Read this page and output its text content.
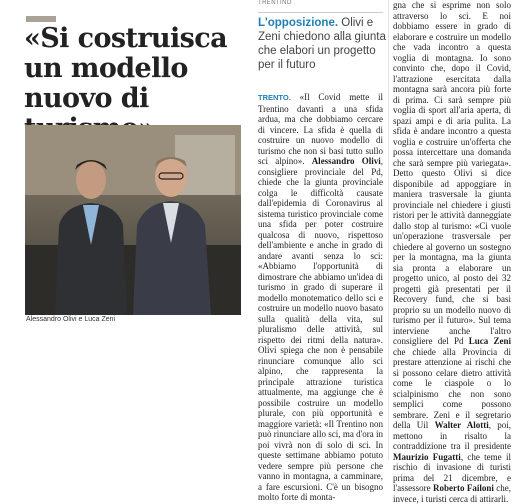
«Si costruisca un modello nuovo di
TRENTINO

L'opposizione. Olivi e Zeni chiedono alla giunta che elabori un progetto per il futuro

Alessandro Olivi e Luca Zeni

TRENTO. «Il Covid mette il Trentino davanti a una sfida ardua, ma che dobbiamo cercare di vincere. La sfida è quella di costruire un nuovo modello di turismo che non si basi tutto sullo sci alpino». Alessandro Olivi, consigliere provinciale del Pd, chiede che la giunta provinciale colga le difficoltà causate dall'epidemia di Coronavirus al sistema turistico provinciale come una sfida per poter costruire qualcosa di nuovo, rispettoso dell'ambiente e anche in grado di andare avanti senza lo sci: «Abbiamo l'opportunità di dimostrare che abbiamo un'idea di turismo in grado di superare il modello monotematico dello sci e costruire un modello nuovo basato sulla qualità della vita, sul pluralismo delle attività, sul rispetto dei ritmi della natura». Olivi spiega che non è pensabile rinunciare comunque allo sci alpino, che rappresenta la principale attrazione turistica attualmente, ma aggiunge che è possibile costruire un modello plurale, con più opportunità e maggiore varietà: «Il Trentino non può rinunciare allo sci, ma d'ora in poi vivrà non di solo di sci. In queste settimane abbiamo potuto vedere sempre più persone che vanno in montagna, a camminare, a fare escursioni. C'è un bisogno molto forte di monta-

gna che si esprime non solo attraverso lo sci. E noi dobbiamo essere in grado di elaborare e costruire un modello che vada incontro a questa voglia di montagna. Io sono convinto che, dopo il Covid, l'attrazione esercitata dalla montagna sarà ancora più forte di prima. Ci sarà sempre più voglia di sport all'aria aperta, di spazi ampi e di aria pulita. La sfida è andare incontro a questa voglia e costruire un'offerta che possa intercettare una domanda che sarà sempre più variegata». Detto questo Olivi si dice disponibile ad appoggiare in maniera trasversale la giunta provinciale nel chiedere i giusti ristori per le attività danneggiate dallo stop al turismo: «Ci vuole un'operazione trasversale per chiedere al governo un sostegno per la montagna, ma la giunta sia pronta a elaborare un progetto unico, al posto dei 32 progetti già presentati per il Recovery fund, che si basi proprio su un modello nuovo di turismo per il futuro». Sul tema interviene anche l'altro consigliere del Pd Luca Zeni che chiede alla Provincia di prestare attenzione ai rischi che si possono celare dietro attività come le ciaspole o lo scialpinismo che non sono semplici come possono sembrare. Zeni e il segretario della Uil Walter Alotti, poi, mettono in risalto la contraddizione tra il presidente Maurizio Fugatti, che teme il rischio di invasione di turisti prima del 21 dicembre, e l'assessore Roberto Failoni che, invece, i turisti cerca di attirarli.
